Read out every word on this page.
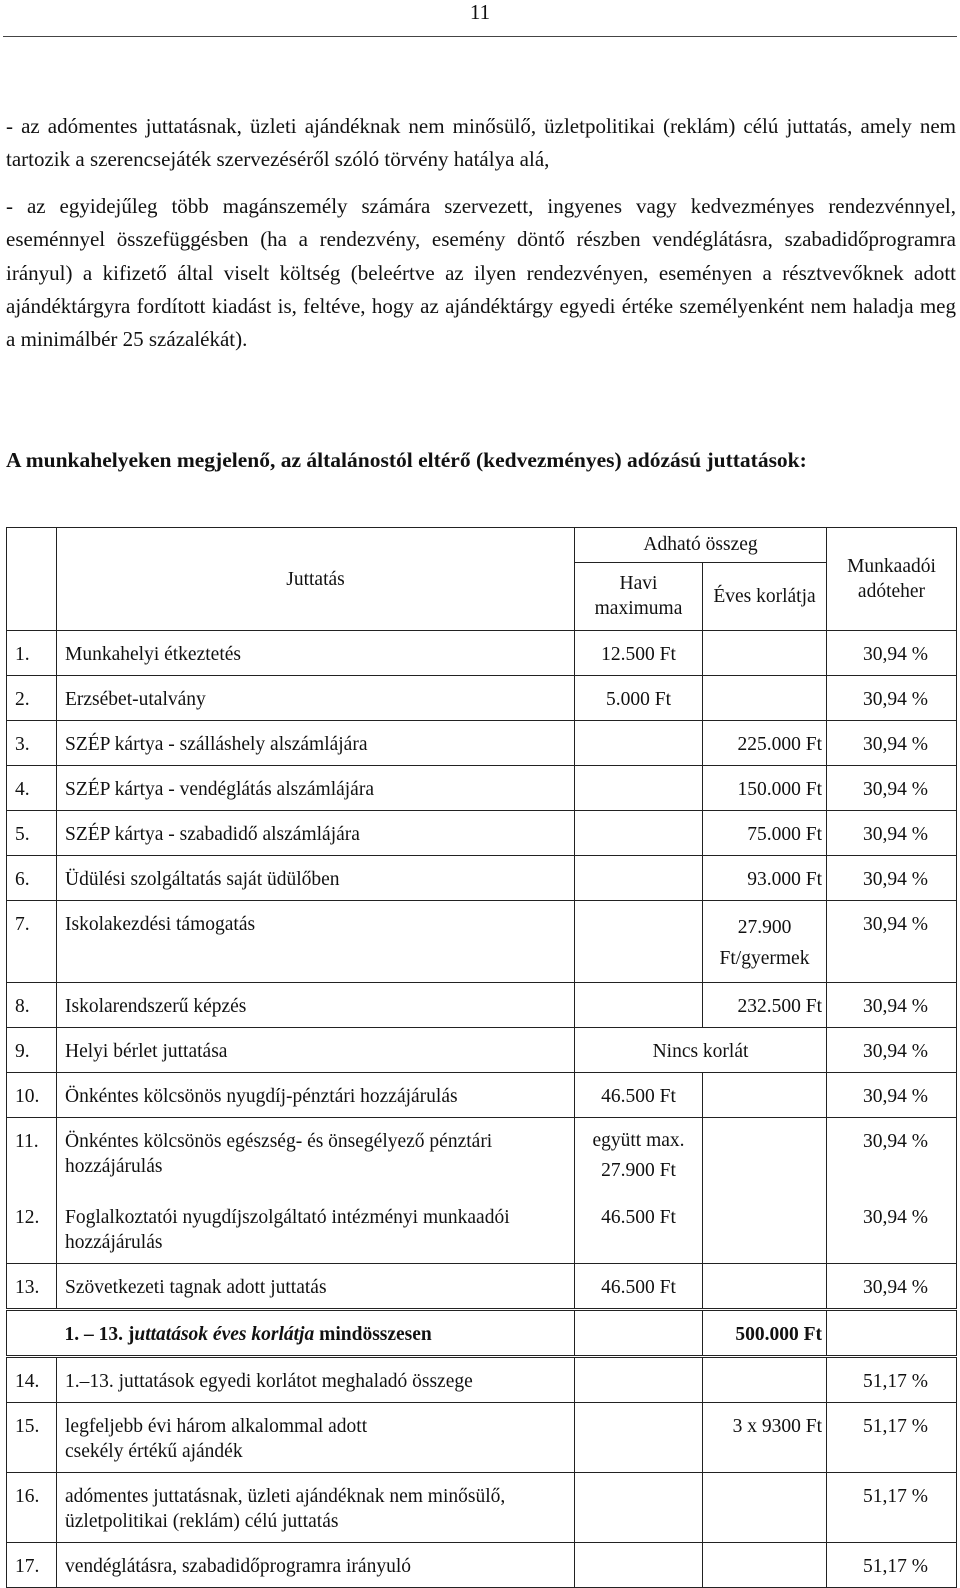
11
- az adómentes juttatásnak, üzleti ajándéknak nem minősülő, üzletpolitikai (reklám) célú juttatás, amely nem tartozik a szerencsejáték szervezéséről szóló törvény hatálya alá,
- az egyidejűleg több magánszemély számára szervezett, ingyenes vagy kedvezményes rendezvénnyel, eseménnyel összefüggésben (ha a rendezvény, esemény döntő részben vendéglátásra, szabadidőprogramra irányul) a kifizető által viselt költség (beleértve az ilyen rendezvényen, eseményen a résztvevőknek adott ajándéktárgyra fordított kiadást is, feltéve, hogy az ajándéktárgy egyedi értéke személyenként nem haladja meg a minimálbér 25 százalékát).
A munkahelyeken megjelenő, az általánostól eltérő (kedvezményes) adózású juttatások:
	Juttatás	Adható összeg		Munkaadói adóteher
		Havi maximuma	Éves korlátja	
1.	Munkahelyi étkeztetés	12.500 Ft		30,94 %
2.	Erzsébet-utalvány	5.000 Ft		30,94 %
3.	SZÉP kártya - szálláshely alszámlájára		225.000 Ft	30,94 %
4.	SZÉP kártya - vendéglátás alszámlájára		150.000 Ft	30,94 %
5.	SZÉP kártya - szabadidő alszámlájára		75.000 Ft	30,94 %
6.	Üdülési szolgáltatás saját üdülőben		93.000 Ft	30,94 %
7.	Iskolakezdési támogatás		27.900 Ft/gyermek	30,94 %
8.	Iskolarendszerű képzés		232.500 Ft	30,94 %
9.	Helyi bérlet juttatása	Nincs korlát		30,94 %
10.	Önkéntes kölcsönös nyugdíj-pénztári hozzájárulás	46.500 Ft		30,94 %
11.	Önkéntes kölcsönös egészség- és önsegélyező pénztári hozzájárulás	együtt max. 27.900 Ft		30,94 %
12.	Foglalkoztatói nyugdíjszolgáltató intézményi munkaadói hozzájárulás	46.500 Ft		30,94 %
13.	Szövetkezeti tagnak adott juttatás	46.500 Ft		30,94 %
	1. – 13. juttatások éves korlátja mindösszesen		500.000 Ft	
14.	1.–13. juttatások egyedi korlátot meghaladó összege			51,17 %
15.	legfeljebb évi három alkalommal adott csekély értékű ajándék		3 x 9300 Ft	51,17 %
16.	adómentes juttatásnak, üzleti ajándéknak nem minősülő, üzletpolitikai (reklám) célú juttatás			51,17 %
17.	vendéglátásra, szabadidőprogramra irányuló			51,17 %
